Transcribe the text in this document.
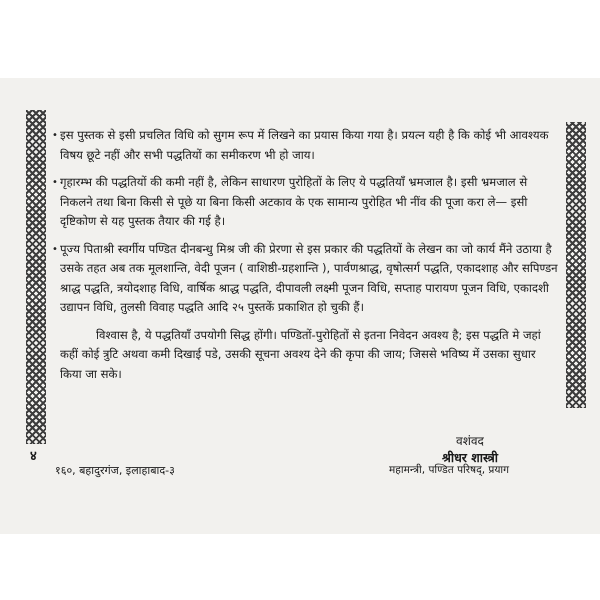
• इस पुस्तक से इसी प्रचलित विधि को सुगम रूप में लिखने का प्रयास किया गया है। प्रयत्न यही है कि कोई भी आवश्यक विषय छूटे नहीं और सभी पद्धतियों का समीकरण भी हो जाय।

• गृहारम्भ की पद्धतियों की कमी नहीं है, लेकिन साधारण पुरोहितों के लिए ये पद्धतियाँ भ्रमजाल है। इसी भ्रमजाल से निकलने तथा बिना किसी से पूछे या बिना किसी अटकाव के एक सामान्य पुरोहित भी नींव की पूजा करा ले— इसी दृष्टिकोण से यह पुस्तक तैयार की गई है।

• पूज्य पिताश्री स्वर्गीय पण्डित दीनबन्धु मिश्र जी की प्रेरणा से इस प्रकार की पद्धतियों के लेखन का जो कार्य मैंने उठाया है उसके तहत अब तक मूलशान्ति, वेदी पूजन ( वाशिष्ठी-ग्रहशान्ति ), पार्वणश्राद्ध, वृषोत्सर्ग पद्धति, एकादशाह और सपिण्डन श्राद्ध पद्धति, त्रयोदशाह विधि, वार्षिक श्राद्ध पद्धति, दीपावली लक्ष्मी पूजन विधि, सप्ताह पारायण पूजन विधि, एकादशी उद्यापन विधि, तुलसी विवाह पद्धति आदि २५ पुस्तकें प्रकाशित हो चुकी हैं।

विश्वास है, ये पद्धतियाँ उपयोगी सिद्ध होंगी। पण्डितों-पुरोहितों से इतना निवेदन अवश्य है; इस पद्धति मे जहां कहीं कोई त्रुटि अथवा कमी दिखाई पडे, उसकी सूचना अवश्य देने की कृपा की जाय; जिससे भविष्य में उसका सुधार किया जा सके।

४
वशंवद
श्रीधर शास्त्री
१६०, बहादुरगंज, इलाहाबाद-३	महामन्त्री, पण्डित परिषद्, प्रयाग
